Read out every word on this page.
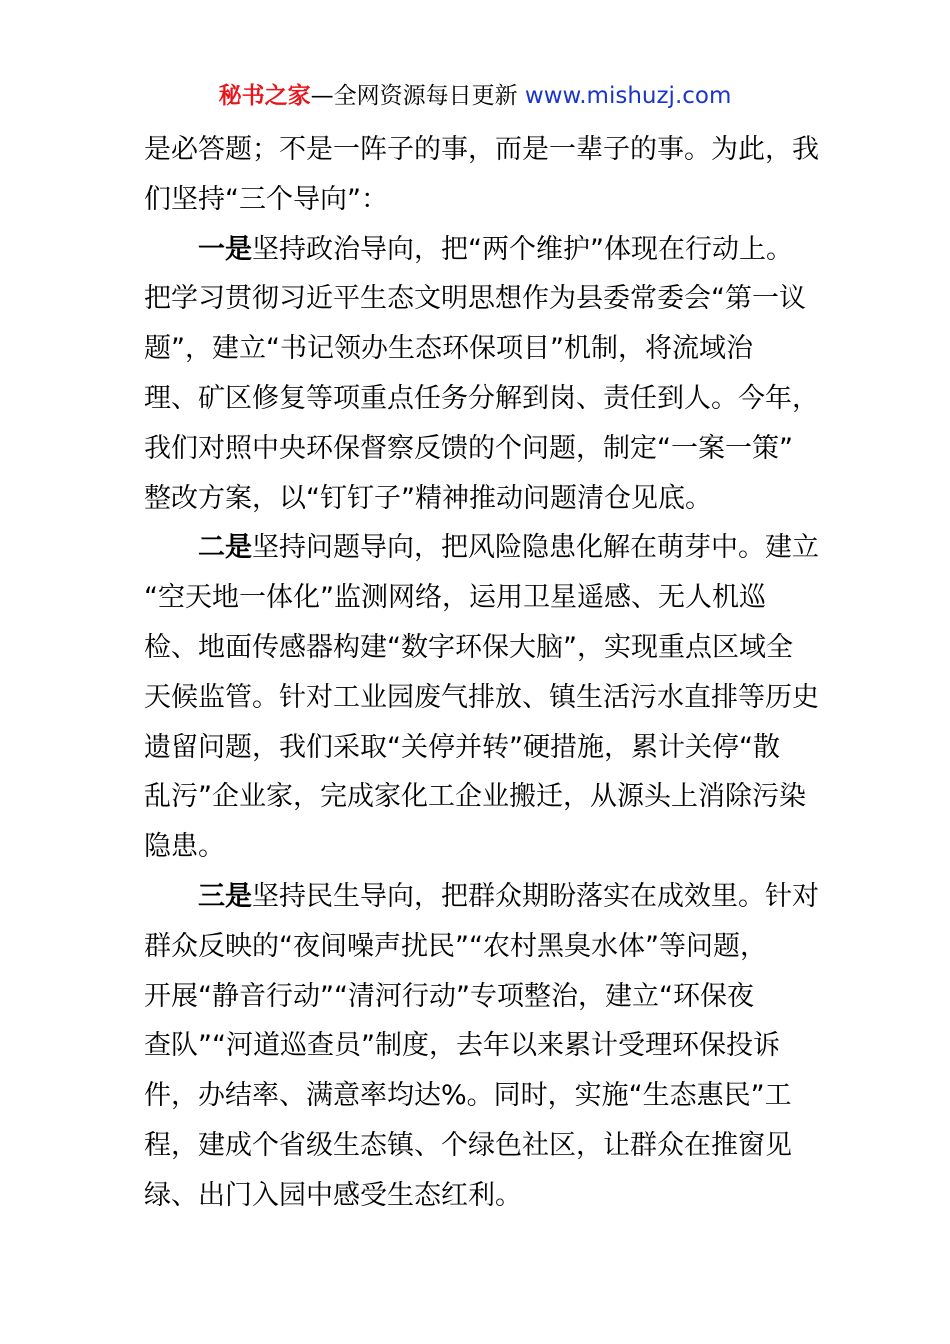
秘书之家—全网资源每日更新 www.mishuzj.com
是必答题；不是一阵子的事，而是一辈子的事。为此，我
们坚持“三个导向”：
一是坚持政治导向，把“两个维护”体现在行动上。
把学习贯彻习近平生态文明思想作为县委常委会“第一议
题”，建立“书记领办生态环保项目”机制，将流域治
理、矿区修复等项重点任务分解到岗、责任到人。今年，
我们对照中央环保督察反馈的个问题，制定“一案一策”
整改方案，以“钉钉子”精神推动问题清仓见底。
二是坚持问题导向，把风险隐患化解在萌芽中。建立
“空天地一体化”监测网络，运用卫星遥感、无人机巡
检、地面传感器构建“数字环保大脑”，实现重点区域全
天候监管。针对工业园废气排放、镇生活污水直排等历史
遗留问题，我们采取“关停并转”硬措施，累计关停“散
乱污”企业家，完成家化工企业搬迁，从源头上消除污染
隐患。
三是坚持民生导向，把群众期盼落实在成效里。针对
群众反映的“夜间噪声扰民”“农村黑臭水体”等问题，
开展“静音行动”“清河行动”专项整治，建立“环保夜
查队”“河道巡查员”制度，去年以来累计受理环保投诉
件，办结率、满意率均达%。同时，实施“生态惠民”工
程，建成个省级生态镇、个绿色社区，让群众在推窗见
绿、出门入园中感受生态红利。
